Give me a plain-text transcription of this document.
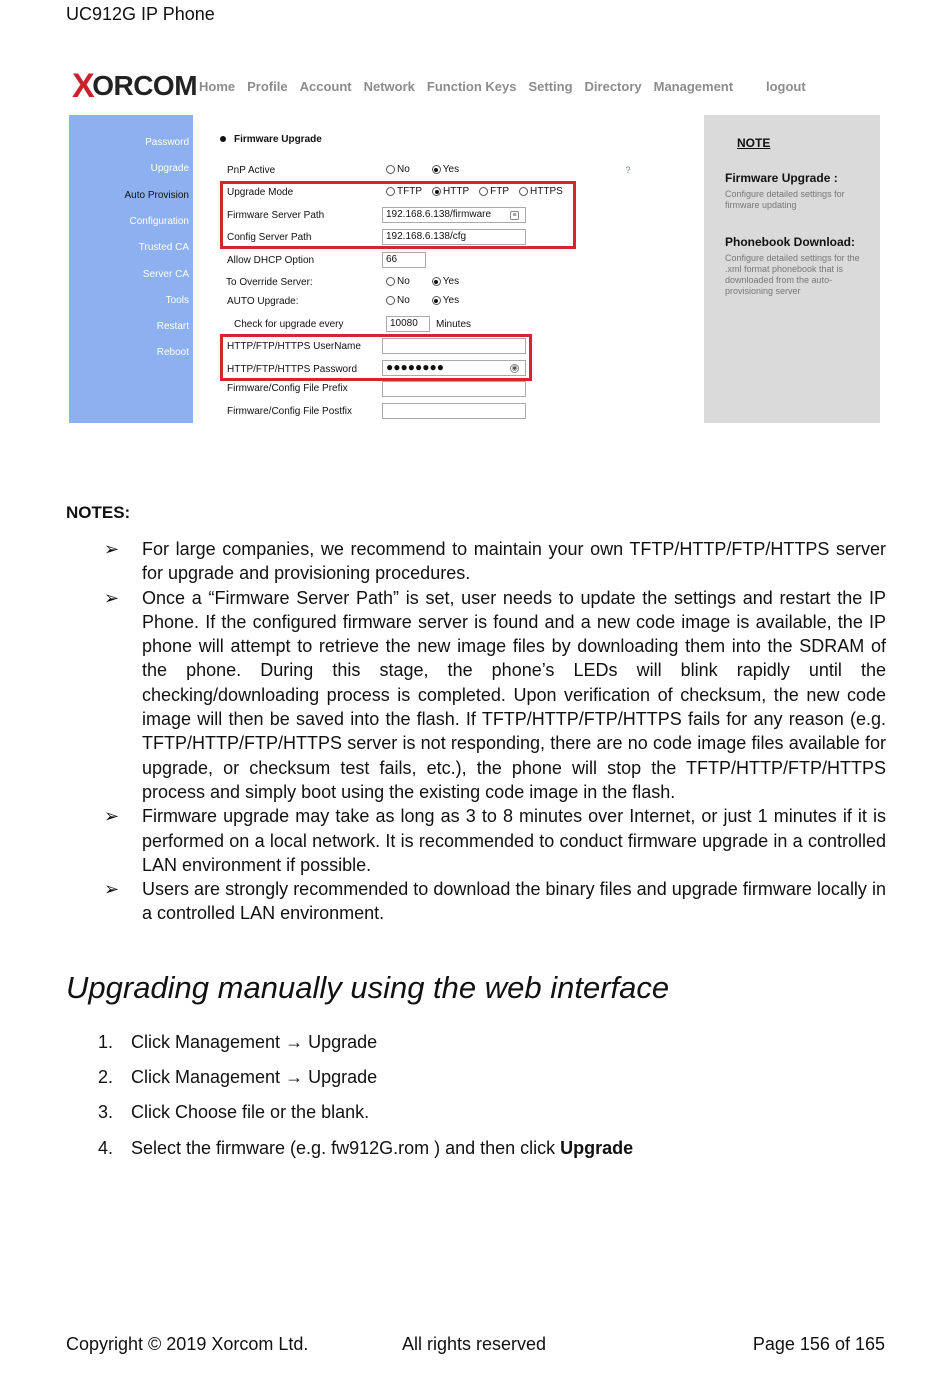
UC912G IP Phone
X
ORCOM Home Profile Account Network Function Keys Setting Directory Management	logout
Password
Upgrade
Auto Provision
Configuration
Trusted CA
Server CA
Tools
Restart
Reboot
Firmware Upgrade
PnP Active	No	Yes	?
Upgrade Mode	TFTP HTTP FTP HTTPS
Firmware Server Path	192.168.6.138/firmware	≡
Config Server Path	192.168.6.138/cfg
Allow DHCP Option	66
To Override Server:	No	Yes
AUTO Upgrade:	No	Yes
Check for upgrade every	10080	Minutes
HTTP/FTP/HTTPS UserName
HTTP/FTP/HTTPS Password	●●●●●●●●	◉
Firmware/Config File Prefix
Firmware/Config File Postfix
NOTE
Firmware Upgrade :
Configure detailed settings for firmware updating
Phonebook Download:
Configure detailed settings for the .xml format phonebook that is downloaded from the auto-provisioning server
NOTES:
➢ For large companies, we recommend to maintain your own TFTP/HTTP/FTP/HTTPS server for upgrade and provisioning procedures.
➢ Once a “Firmware Server Path” is set, user needs to update the settings and restart the IP Phone. If the configured firmware server is found and a new code image is available, the IP phone will attempt to retrieve the new image files by downloading them into the SDRAM of the phone. During this stage, the phone’s LEDs will blink rapidly until the checking/downloading process is completed. Upon verification of checksum, the new code image will then be saved into the flash. If TFTP/HTTP/FTP/HTTPS fails for any reason (e.g. TFTP/HTTP/FTP/HTTPS server is not responding, there are no code image files available for upgrade, or checksum test fails, etc.), the phone will stop the TFTP/HTTP/FTP/HTTPS process and simply boot using the existing code image in the flash.
➢ Firmware upgrade may take as long as 3 to 8 minutes over Internet, or just 1 minutes if it is performed on a local network. It is recommended to conduct firmware upgrade in a controlled LAN environment if possible.
➢ Users are strongly recommended to download the binary files and upgrade firmware locally in a controlled LAN environment.
Upgrading manually using the web interface
1. Click Management → Upgrade
2. Click Management → Upgrade
3. Click Choose file or the blank.
4. Select the firmware (e.g. fw912G.rom ) and then click Upgrade
Copyright © 2019 Xorcom Ltd.	All rights reserved	Page 156 of 165
